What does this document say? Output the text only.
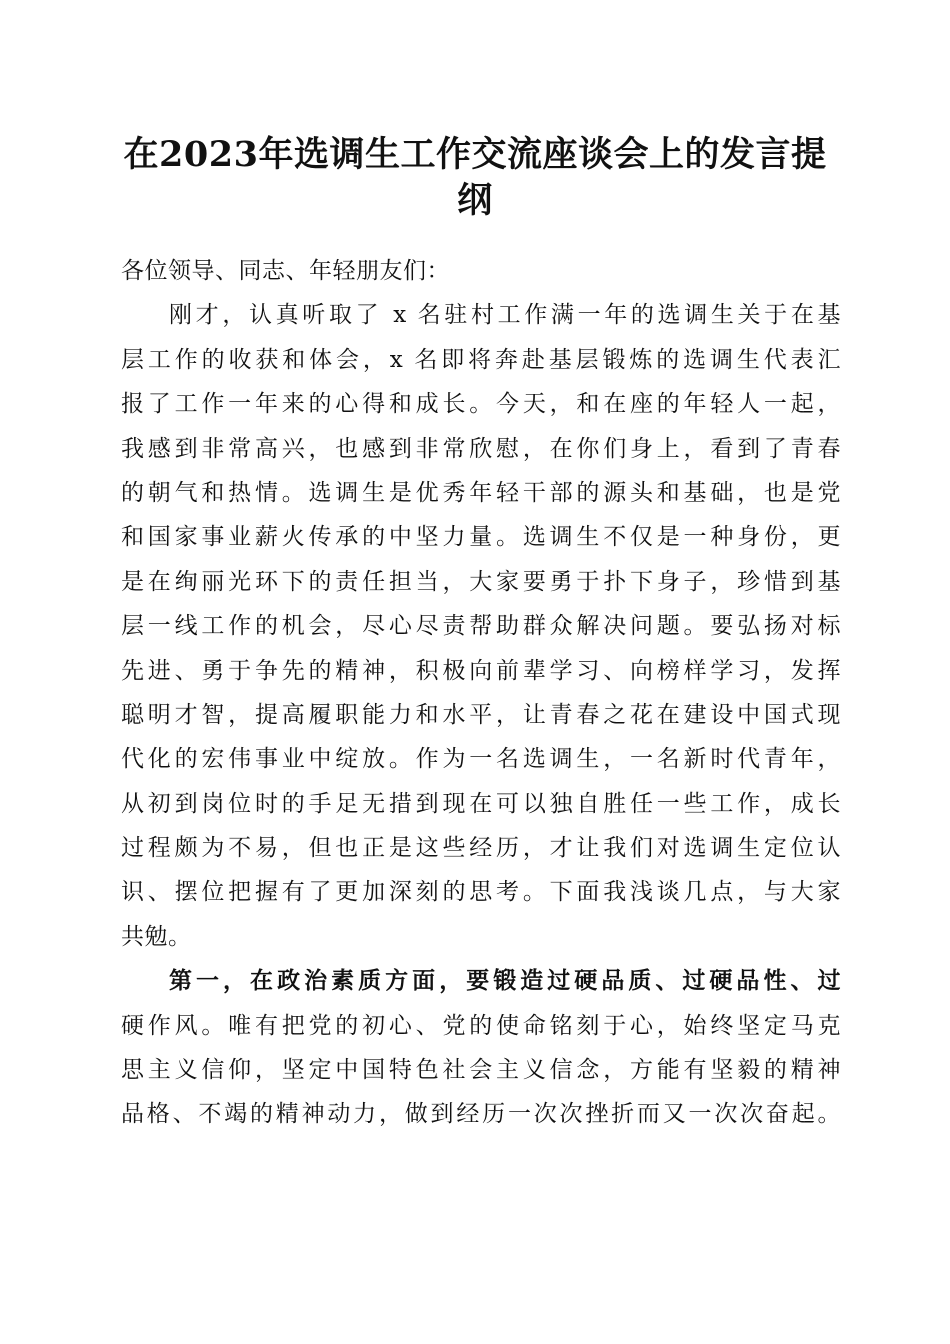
在2023年选调生工作交流座谈会上的发言提
纲
各位领导、同志、年轻朋友们：
刚才，认真听取了 x 名驻村工作满一年的选调生关于在基
层工作的收获和体会，x 名即将奔赴基层锻炼的选调生代表汇
报了工作一年来的心得和成长。今天，和在座的年轻人一起，
我感到非常高兴，也感到非常欣慰，在你们身上，看到了青春
的朝气和热情。选调生是优秀年轻干部的源头和基础，也是党
和国家事业薪火传承的中坚力量。选调生不仅是一种身份，更
是在绚丽光环下的责任担当，大家要勇于扑下身子，珍惜到基
层一线工作的机会，尽心尽责帮助群众解决问题。要弘扬对标
先进、勇于争先的精神，积极向前辈学习、向榜样学习，发挥
聪明才智，提高履职能力和水平，让青春之花在建设中国式现
代化的宏伟事业中绽放。作为一名选调生，一名新时代青年，
从初到岗位时的手足无措到现在可以独自胜任一些工作，成长
过程颇为不易，但也正是这些经历，才让我们对选调生定位认
识、摆位把握有了更加深刻的思考。下面我浅谈几点，与大家
共勉。
第一，在政治素质方面，要锻造过硬品质、过硬品性、过
硬作风。唯有把党的初心、党的使命铭刻于心，始终坚定马克
思主义信仰，坚定中国特色社会主义信念，方能有坚毅的精神
品格、不竭的精神动力，做到经历一次次挫折而又一次次奋起。
